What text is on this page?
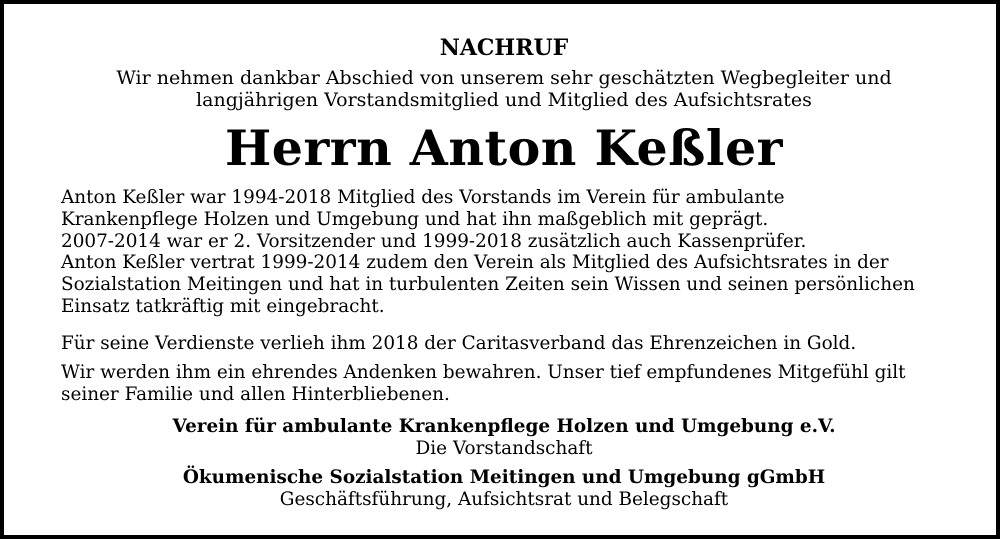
NACHRUF
Wir nehmen dankbar Abschied von unserem sehr geschätzten Wegbegleiter und
langjährigen Vorstandsmitglied und Mitglied des Aufsichtsrates
Herrn Anton Keßler
Anton Keßler war 1994-2018 Mitglied des Vorstands im Verein für ambulante
Krankenpflege Holzen und Umgebung und hat ihn maßgeblich mit geprägt.
2007-2014 war er 2. Vorsitzender und 1999-2018 zusätzlich auch Kassenprüfer.
Anton Keßler vertrat 1999-2014 zudem den Verein als Mitglied des Aufsichtsrates in der
Sozialstation Meitingen und hat in turbulenten Zeiten sein Wissen und seinen persönlichen
Einsatz tatkräftig mit eingebracht.
Für seine Verdienste verlieh ihm 2018 der Caritasverband das Ehrenzeichen in Gold.
Wir werden ihm ein ehrendes Andenken bewahren. Unser tief empfundenes Mitgefühl gilt
seiner Familie und allen Hinterbliebenen.
Verein für ambulante Krankenpflege Holzen und Umgebung e.V.
Die Vorstandschaft
Ökumenische Sozialstation Meitingen und Umgebung gGmbH
Geschäftsführung, Aufsichtsrat und Belegschaft
